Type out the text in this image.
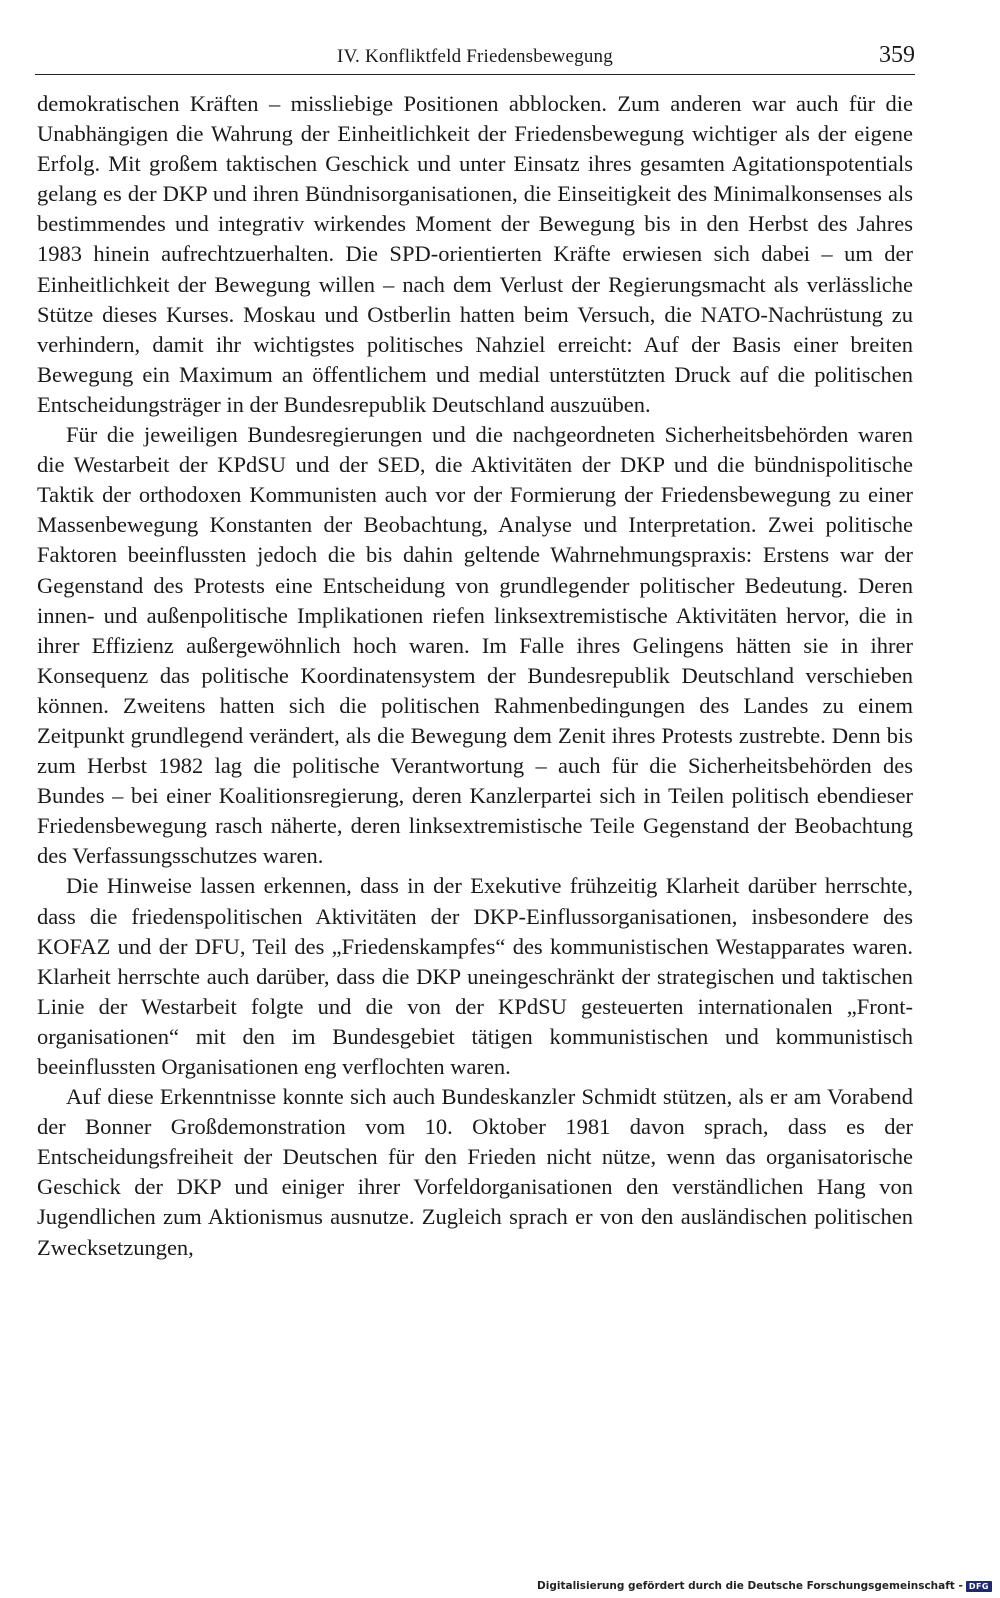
IV. Konfliktfeld Friedensbewegung	359

demokratischen Kräften – missliebige Positionen abblocken. Zum anderen war auch für die Unabhängigen die Wahrung der Einheitlichkeit der Friedensbewegung wichtiger als der eigene Erfolg. Mit großem taktischen Geschick und unter Einsatz ihres gesamten Agitationspotentials gelang es der DKP und ihren Bündnisorganisationen, die Einseitigkeit des Minimalkonsenses als bestimmendes und integrativ wirkendes Moment der Bewegung bis in den Herbst des Jahres 1983 hinein aufrechtzuerhalten. Die SPD-orientierten Kräfte erwiesen sich dabei – um der Einheitlichkeit der Bewegung willen – nach dem Verlust der Regierungsmacht als verlässliche Stütze dieses Kurses. Moskau und Ostberlin hatten beim Versuch, die NATO-Nachrüstung zu verhindern, damit ihr wichtigstes politisches Nahziel erreicht: Auf der Basis einer breiten Bewegung ein Maximum an öffentlichem und medial unterstützten Druck auf die politischen Entscheidungsträger in der Bundesrepublik Deutschland auszuüben.

Für die jeweiligen Bundesregierungen und die nachgeordneten Sicherheitsbehörden waren die Westarbeit der KPdSU und der SED, die Aktivitäten der DKP und die bündnispolitische Taktik der orthodoxen Kommunisten auch vor der Formierung der Friedensbewegung zu einer Massenbewegung Konstanten der Beobachtung, Analyse und Interpretation. Zwei politische Faktoren beeinflussten jedoch die bis dahin geltende Wahrnehmungspraxis: Erstens war der Gegenstand des Protests eine Entscheidung von grundlegender politischer Bedeutung. Deren innen- und außenpolitische Implikationen riefen linksextremistische Aktivitäten hervor, die in ihrer Effizienz außergewöhnlich hoch waren. Im Falle ihres Gelingens hätten sie in ihrer Konsequenz das politische Koordinatensystem der Bundesrepublik Deutschland verschieben können. Zweitens hatten sich die politischen Rahmenbedingungen des Landes zu einem Zeitpunkt grundlegend verändert, als die Bewegung dem Zenit ihres Protests zustrebte. Denn bis zum Herbst 1982 lag die politische Verantwortung – auch für die Sicherheitsbehörden des Bundes – bei einer Koalitionsregierung, deren Kanzlerpartei sich in Teilen politisch ebendieser Friedensbewegung rasch näherte, deren linksextremistische Teile Gegenstand der Beobachtung des Verfassungsschutzes waren.

Die Hinweise lassen erkennen, dass in der Exekutive frühzeitig Klarheit darüber herrschte, dass die friedenspolitischen Aktivitäten der DKP-Einflussorganisationen, insbesondere des KOFAZ und der DFU, Teil des „Friedenskampfes“ des kommunistischen Westapparates waren. Klarheit herrschte auch darüber, dass die DKP uneingeschränkt der strategischen und taktischen Linie der Westarbeit folgte und die von der KPdSU gesteuerten internationalen „Frontorganisationen“ mit den im Bundesgebiet tätigen kommunistischen und kommunistisch beeinflussten Organisationen eng verflochten waren.

Auf diese Erkenntnisse konnte sich auch Bundeskanzler Schmidt stützen, als er am Vorabend der Bonner Großdemonstration vom 10. Oktober 1981 davon sprach, dass es der Entscheidungsfreiheit der Deutschen für den Frieden nicht nütze, wenn das organisatorische Geschick der DKP und einiger ihrer Vorfeldorganisationen den verständlichen Hang von Jugendlichen zum Aktionismus ausnutze. Zugleich sprach er von den ausländischen politischen Zwecksetzungen,

Digitalisierung gefördert durch die Deutsche Forschungsgemeinschaft - DFG
